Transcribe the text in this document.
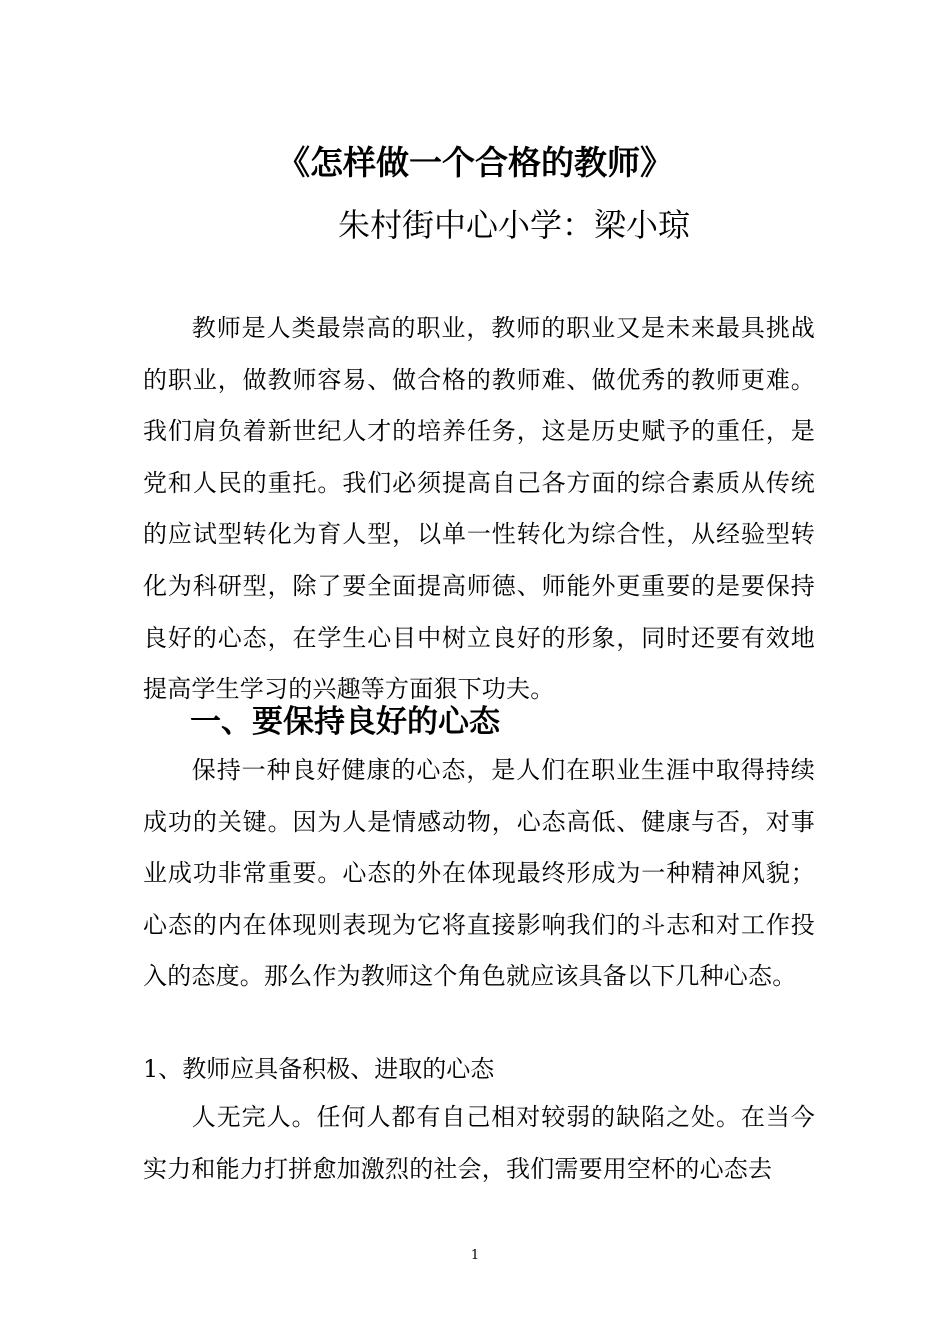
《怎样做一个合格的教师》
朱村街中心小学：梁小琼
教师是人类最崇高的职业，教师的职业又是未来最具挑战的职业，做教师容易、做合格的教师难、做优秀的教师更难。我们肩负着新世纪人才的培养任务，这是历史赋予的重任，是党和人民的重托。我们必须提高自己各方面的综合素质从传统的应试型转化为育人型，以单一性转化为综合性，从经验型转化为科研型，除了要全面提高师德、师能外更重要的是要保持良好的心态，在学生心目中树立良好的形象，同时还要有效地提高学生学习的兴趣等方面狠下功夫。
一、要保持良好的心态
保持一种良好健康的心态，是人们在职业生涯中取得持续成功的关键。因为人是情感动物，心态高低、健康与否，对事业成功非常重要。心态的外在体现最终形成为一种精神风貌；心态的内在体现则表现为它将直接影响我们的斗志和对工作投入的态度。那么作为教师这个角色就应该具备以下几种心态。
1、教师应具备积极、进取的心态
人无完人。任何人都有自己相对较弱的缺陷之处。在当今实力和能力打拼愈加激烈的社会，我们需要用空杯的心态去
1
